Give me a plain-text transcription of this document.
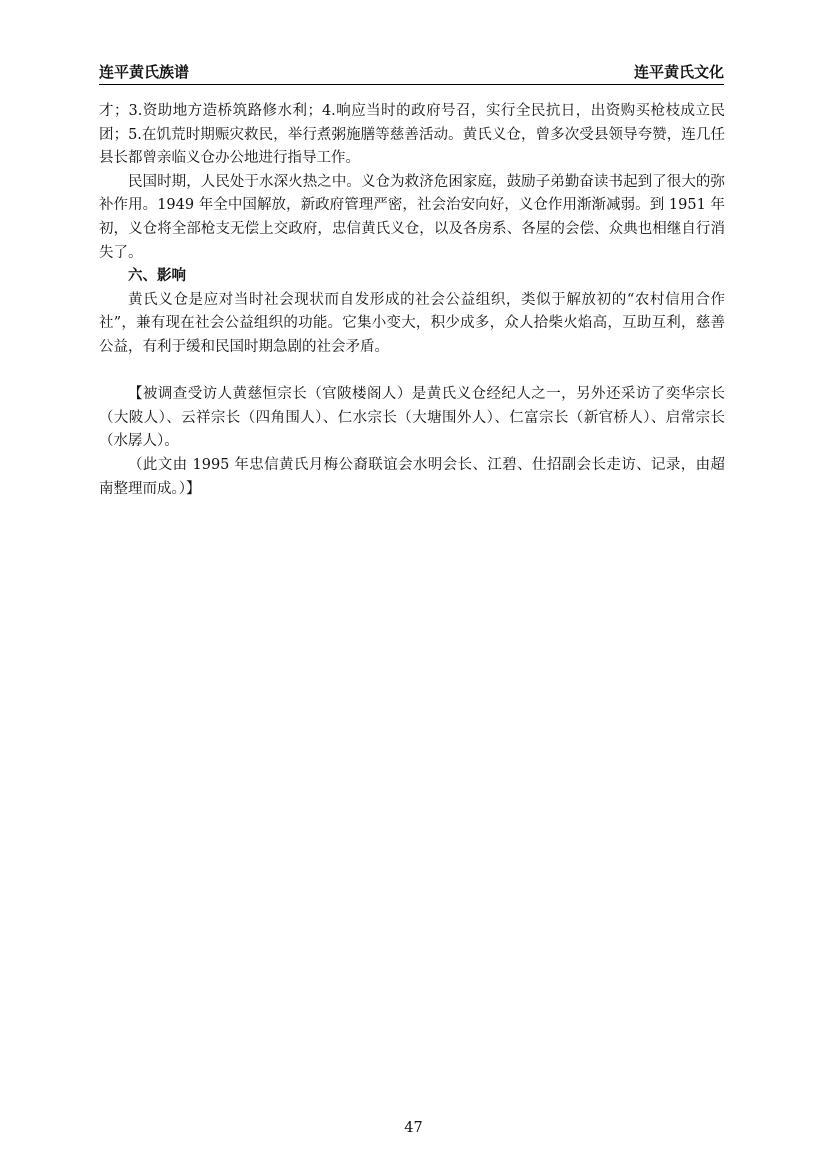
连平黄氏族谱	连平黄氏文化

才；3.资助地方造桥筑路修水利；4.响应当时的政府号召，实行全民抗日，出资购买枪枝成立民团；5.在饥荒时期赈灾救民，举行煮粥施膳等慈善活动。黄氏义仓，曾多次受县领导夸赞，连几任县长都曾亲临义仓办公地进行指导工作。

民国时期，人民处于水深火热之中。义仓为救济危困家庭，鼓励子弟勤奋读书起到了很大的弥补作用。1949 年全中国解放，新政府管理严密，社会治安向好，义仓作用渐渐减弱。到 1951 年初，义仓将全部枪支无偿上交政府，忠信黄氏义仓，以及各房系、各屋的会偿、众典也相继自行消失了。

六、影响

黄氏义仓是应对当时社会现状而自发形成的社会公益组织，类似于解放初的“农村信用合作社”，兼有现在社会公益组织的功能。它集小变大，积少成多，众人拾柴火焰高，互助互利，慈善公益，有利于缓和民国时期急剧的社会矛盾。

【被调查受访人黄慈恒宗长（官陂楼阁人）是黄氏义仓经纪人之一，另外还采访了奕华宗长（大陂人）、云祥宗长（四角围人）、仁水宗长（大塘围外人）、仁富宗长（新官桥人）、启常宗长（水孱人）。

（此文由 1995 年忠信黄氏月梅公裔联谊会水明会长、江碧、仕招副会长走访、记录，由超南整理而成。）】

47
